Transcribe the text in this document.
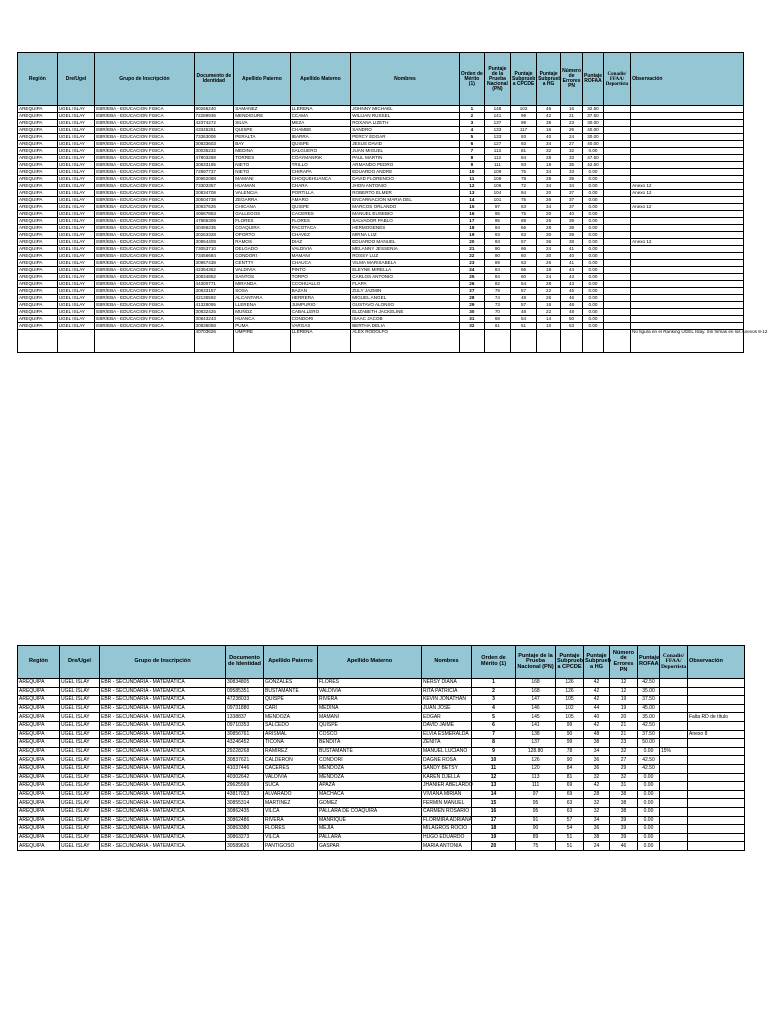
Región	Dre/Ugel	Grupo de Inscripción	Documento de Identidad	Apellido Paterno	Apellido Materno	Nombres	Orden de Mérito (1)	Puntaje de la Prueba Nacional (PN)	Puntaje Subprueb a CPCDE	Puntaje Subprueb a HG	Número de Errores PN	Puntaje ROFAA	Conadis/ FFAA/ Deportista	Observación
AREQUIPA	UGEL ISLAY	EBR/EBA - EDUCACION FISICA	80266240	SAMANEZ	LLERENA	JOHNNY MICHAEL	1	148	102	46	16	32.50		
AREQUIPA	UGEL ISLAY	EBR/EBA - EDUCACION FISICA	72289936	MENDIGURE	CCAMA	WILLIAN RUSSEL	2	141	99	42	21	37.50		
AREQUIPA	UGEL ISLAY	EBR/EBA - EDUCACION FISICA	42374272	SILVA	MEZA	ROXANA LIZETH	3	137	99	38	23	30.00		
AREQUIPA	UGEL ISLAY	EBR/EBA - EDUCACION FISICA	43345261	QUISPE	CHAMBE	SANDRO	4	133	117	16	26	40.00		
AREQUIPA	UGEL ISLAY	EBR/EBA - EDUCACION FISICA	73363006	PERALTA	IBARRA	PERCY EDGAR	5	133	93	40	24	30.00		
AREQUIPA	UGEL ISLAY	EBR/EBA - EDUCACION FISICA	30833603	BAY	QUISPE	JESUS DAVID	6	127	93	34	27	40.00		
AREQUIPA	UGEL ISLAY	EBR/EBA - EDUCACION FISICA	30035232	MEDINA	SALGUERO	JUAN MIGUEL	7	113	81	32	32	0.00		
AREQUIPA	UGEL ISLAY	EBR/EBA - EDUCACION FISICA	47803258	TORRES	COAYMANRIK	PAUL MARTIN	8	112	84	28	33	47.50		
AREQUIPA	UGEL ISLAY	EBR/EBA - EDUCACION FISICA	30833185	NIETO	TRILLO	ARMANDO PEDRO	9	111	93	18	35	42.50		
AREQUIPA	UGEL ISLAY	EBR/EBA - EDUCACION FISICA	72897737	NIETO	CHIRAPA	EDUARDO ANDRE	10	109	75	34	33	0.00		
AREQUIPA	UGEL ISLAY	EBR/EBA - EDUCACION FISICA	30962088	MAMANI	CHOQUEHUANCA	DAVID FLORENCIO	11	106	78	28	35	0.00		
AREQUIPA	UGEL ISLAY	EBR/EBA - EDUCACION FISICA	73303357	HUAMAN	CHARA	JHON ANTONIO	12	106	72	34	34	0.00		Anexo 12
AREQUIPA	UGEL ISLAY	EBR/EBA - EDUCACION FISICA	30834708	VALENCIA	PORTILLA	ROBERTO ELMER	13	104	84	20	37	0.00		Anexo 12
AREQUIPA	UGEL ISLAY	EBR/EBA - EDUCACION FISICA	30504738	ZEGARRA	AMARO	ENCARNACION MARIA DEL	14	101	75	26	37	0.00		
AREQUIPA	UGEL ISLAY	EBR/EBA - EDUCACION FISICA	30937626	CHICANA	QUISPE	MARCOS ORLANDO	15	97	63	34	37	0.00		Anexo 12
AREQUIPA	UGEL ISLAY	EBR/EBA - EDUCACION FISICA	40667853	GALLEGOS	CACERES	MANUEL EUSEBIO	16	95	75	20	40	0.00		
AREQUIPA	UGEL ISLAY	EBR/EBA - EDUCACION FISICA	47885309	FLORES	FLORES	SALVADOR PABLO	17	95	69	26	39	0.00		
AREQUIPA	UGEL ISLAY	EBR/EBA - EDUCACION FISICA	40486235	COAQUIRA	PACOTACA	HERMOGENES	18	94	66	28	39	0.00		
AREQUIPA	UGEL ISLAY	EBR/EBA - EDUCACION FISICA	30263328	OPORTO	CHAVEZ	MIRNA LUZ	19	93	63	30	39	0.00		
AREQUIPA	UGEL ISLAY	EBR/EBA - EDUCACION FISICA	30954408	RAMOS	DIAZ	EDUARDO MANUEL	20	93	57	36	38	0.00		Anexo 12
AREQUIPA	UGEL ISLAY	EBR/EBA - EDUCACION FISICA	73053710	DELGADO	VALDIVIA	MELANNY JESSENIA	21	90	66	24	41	0.00		
AREQUIPA	UGEL ISLAY	EBR/EBA - EDUCACION FISICA	73456684	CONDORI	MAMANI	ROSSY LUZ	22	90	60	30	40	0.00		
AREQUIPA	UGEL ISLAY	EBR/EBA - EDUCACION FISICA	30967438	CENTTY	CHAUCA	VILMA MARISABELA	23	89	63	26	41	0.00		
AREQUIPA	UGEL ISLAY	EBR/EBA - EDUCACION FISICA	42354362	VALDIVIA	PINTO	ELEYNE MIRELLA	24	84	66	18	44	0.00		
AREQUIPA	UGEL ISLAY	EBR/EBA - EDUCACION FISICA	30834852	SANTOS	TORPO	CARLOS ANTONIO	25	84	60	24	43	0.00		
AREQUIPA	UGEL ISLAY	EBR/EBA - EDUCACION FISICA	44300771	MIRANDA	CCOHUALLO	FLAPA	26	82	54	28	43	0.00		
AREQUIPA	UGEL ISLAY	EBR/EBA - EDUCACION FISICA	30833157	SOSA	BAZAN	ZULY JAZMIN	27	79	57	22	45	0.00		
AREQUIPA	UGEL ISLAY	EBR/EBA - EDUCACION FISICA	42135592	ALCANTARA	HERRERA	MIGUEL ANGEL	28	74	48	26	46	0.00		
AREQUIPA	UGEL ISLAY	EBR/EBA - EDUCACION FISICA	41328095	LLERENA	JUMPURIO	GUSTAVO ALONSO	29	73	57	16	48	0.00		
AREQUIPA	UGEL ISLAY	EBR/EBA - EDUCACION FISICA	30832425	MUÑOZ	CABALLERO	ELIZABETH JACKELINE	30	70	48	22	48	0.00		
AREQUIPA	UGEL ISLAY	EBR/EBA - EDUCACION FISICA	30843243	HUANCA	CONDORI	ISAAC JACOB	31	68	54	14	50	0.00		
AREQUIPA	UGEL ISLAY	EBR/EBA - EDUCACION FISICA	30836058	PUMA	VARGAS	BERTHA DELIA	32	61	51	10	53	0.00		
			40703626	UMPIRE	LLERENA	ALEX RODOLFO								No figura en el Ranking UGEL Islay. Sin firmas en los Anexos 8-12
Región	Dre/Ugel	Grupo de Inscripción	Documento de Identidad	Apellido Paterno	Apellido Materno	Nombres	Orden de Mérito (1)	Puntaje de la Prueba Nacional (PN)	Puntaje Subprueb a CPCDE	Puntaje Subprueb a HG	Número de Errores PN	Puntaje ROFAA	Conadis/ FFAA/ Deportista	Observación
AREQUIPA	UGEL ISLAY	EBR - SECUNDARIA - MATEMATICA	30834805	GONZALES	FLORES	NERSY DIANA	1	168	126	42	12	42.50		
AREQUIPA	UGEL ISLAY	EBR - SECUNDARIA - MATEMATICA	09585351	BUSTAMANTE	VALDIVIA	RITA PATRICIA	2	168	126	42	12	35.00		
AREQUIPA	UGEL ISLAY	EBR - SECUNDARIA - MATEMATICA	47238033	QUISPE	RIVERA	KEVIN JONATHAN	3	147	105	42	19	37.50		
AREQUIPA	UGEL ISLAY	EBR - SECUNDARIA - MATEMATICA	09731880	CARI	MEDINA	JUAN JOSE	4	146	102	44	19	45.00		
AREQUIPA	UGEL ISLAY	EBR - SECUNDARIA - MATEMATICA	1338837	MENDOZA	MAMANI	EDGAR	5	145	105	40	20	35.00		Falta RD de título
AREQUIPA	UGEL ISLAY	EBR - SECUNDARIA - MATEMATICA	09710353	SALCEDO	QUISPE	DAVID JAIME	6	141	99	42	21	42.50		
AREQUIPA	UGEL ISLAY	EBR - SECUNDARIA - MATEMATICA	30856761	ARISMAL	COSCO	ELVIA ESMERALDA	7	138	90	48	21	37.50		Anexo 8
AREQUIPA	UGEL ISLAY	EBR - SECUNDARIA - MATEMATICA	43246452	TICONA	BENDITA	ZENITA	8	137	99	38	23	50.00		
AREQUIPA	UGEL ISLAY	EBR - SECUNDARIA - MATEMATICA	29228268	RAMIREZ	BUSTAMANTE	MANUEL LUCIANO	9	128.80	78	34	32	0.00	15%	
AREQUIPA	UGEL ISLAY	EBR - SECUNDARIA - MATEMATICA	30837621	CALDERON	CONDORI	DAGNE ROSA	10	126	90	36	27	42.50		
AREQUIPA	UGEL ISLAY	EBR - SECUNDARIA - MATEMATICA	41037446	CACERES	MENDOZA	SANDY BETSY	11	120	84	36	29	42.50		
AREQUIPA	UGEL ISLAY	EBR - SECUNDARIA - MATEMATICA	40302642	VALDIVIA	MENDOZA	KAREN DJELLA	12	113	81	32	32	0.00		
AREQUIPA	UGEL ISLAY	EBR - SECUNDARIA - MATEMATICA	29625569	SUCA	APAZA	JHANIER ABELARDO	13	111	69	42	31	0.00		
AREQUIPA	UGEL ISLAY	EBR - SECUNDARIA - MATEMATICA	43817023	ALVARADO	MACHACA	VIVIANA MIRIAN	14	97	69	28	38	0.00		
AREQUIPA	UGEL ISLAY	EBR - SECUNDARIA - MATEMATICA	30855314	MARTINEZ	GOMEZ	FERMIN MANUEL	15	95	63	32	38	0.00		
AREQUIPA	UGEL ISLAY	EBR - SECUNDARIA - MATEMATICA	30862435	VILCA	PALLARA DE COAQUIRA	CARMEN ROSARIO	16	95	63	32	38	0.00		
AREQUIPA	UGEL ISLAY	EBR - SECUNDARIA - MATEMATICA	30862486	RIVERA	MANRIQUE	FLORMIRA ADRIANA	17	91	57	34	39	0.00		
AREQUIPA	UGEL ISLAY	EBR - SECUNDARIA - MATEMATICA	30863380	FLORES	MEJIA	MILAGROS ROCIO	18	90	54	36	39	0.00		
AREQUIPA	UGEL ISLAY	EBR - SECUNDARIA - MATEMATICA	30863273	VILCA	PALLARA	HUGO EDUARDO	19	89	51	38	39	0.00		
AREQUIPA	UGEL ISLAY	EBR - SECUNDARIA - MATEMATICA	30589626	PANTIGOSO	GASPAR	MARIA ANTONIA	20	75	51	24	46	0.00		
